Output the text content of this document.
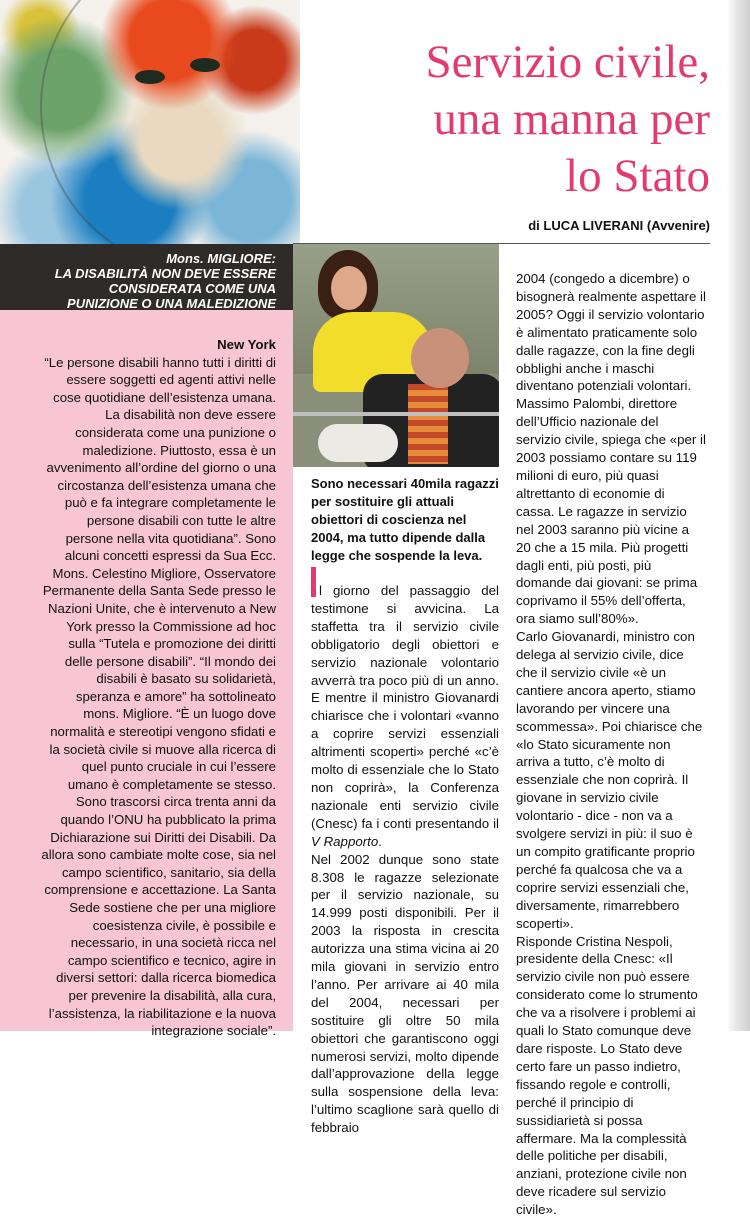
Servizio civile,
una manna per
lo Stato
di LUCA LIVERANI (Avvenire)
Mons. MIGLIORE:
LA DISABILITÀ NON DEVE ESSERE
CONSIDERATA COME UNA
PUNIZIONE O UNA MALEDIZIONE
New York
“Le persone disabili hanno tutti i diritti di essere soggetti ed agenti attivi nelle cose quotidiane dell’esistenza umana. La disabilità non deve essere considerata come una punizione o maledizione. Piuttosto, essa è un avvenimento all’ordine del giorno o una circostanza dell’esistenza umana che può e fa integrare completamente le persone disabili con tutte le altre persone nella vita quotidiana”. Sono alcuni concetti espressi da Sua Ecc. Mons. Celestino Migliore, Osservatore Permanente della Santa Sede presso le Nazioni Unite, che è intervenuto a New York presso la Commissione ad hoc sulla “Tutela e promozione dei diritti delle persone disabili”. “Il mondo dei disabili è basato su solidarietà, speranza e amore” ha sottolineato mons. Migliore. “È un luogo dove normalità e stereotipi vengono sfidati e la società civile si muove alla ricerca di quel punto cruciale in cui l’essere umano è completamente se stesso. Sono trascorsi circa trenta anni da quando l’ONU ha pubblicato la prima Dichiarazione sui Diritti dei Disabili. Da allora sono cambiate molte cose, sia nel campo scientifico, sanitario, sia della comprensione e accettazione. La Santa Sede sostiene che per una migliore coesistenza civile, è possibile e necessario, in una società ricca nel campo scientifico e tecnico, agire in diversi settori: dalla ricerca biomedica per prevenire la disabilità, alla cura, l’assistenza, la riabilitazione e la nuova integrazione sociale”.
Sono necessari 40mila ragazzi per sostituire gli attuali obiettori di coscienza nel 2004, ma tutto dipende dalla legge che sospende la leva.

l giorno del passaggio del testimone si avvicina. La staffetta tra il servizio civile obbligatorio degli obiettori e servizio nazionale volontario avverrà tra poco più di un anno. E mentre il ministro Giovanardi chiarisce che i volontari «vanno a coprire servizi essenziali altrimenti scoperti» perché «c’è molto di essenziale che lo Stato non coprirà», la Conferenza nazionale enti servizio civile (Cnesc) fa i conti presentando il V Rapporto.

Nel 2002 dunque sono state 8.308 le ragazze selezionate per il servizio nazionale, su 14.999 posti disponibili. Per il 2003 la risposta in crescita autorizza una stima vicina ai 20 mila giovani in servizio entro l’anno. Per arrivare ai 40 mila del 2004, necessari per sostituire gli oltre 50 mila obiettori che garantiscono oggi numerosi servizi, molto dipende dall’approvazione della legge sulla sospensione della leva: l’ultimo scaglione sarà quello di febbraio

2004 (congedo a dicembre) o bisognerà realmente aspettare il 2005? Oggi il servizio volontario è alimentato praticamente solo dalle ragazze, con la fine degli obblighi anche i maschi diventano potenziali volontari.

Massimo Palombi, direttore dell’Ufficio nazionale del servizio civile, spiega che «per il 2003 possiamo contare su 119 milioni di euro, più quasi altrettanto di economie di cassa. Le ragazze in servizio nel 2003 saranno più vicine a 20 che a 15 mila. Più progetti dagli enti, più posti, più domande dai giovani: se prima coprivamo il 55% dell’offerta, ora siamo sull’80%».

Carlo Giovanardi, ministro con delega al servizio civile, dice che il servizio civile «è un cantiere ancora aperto, stiamo lavorando per vincere una scommessa». Poi chiarisce che «lo Stato sicuramente non arriva a tutto, c’è molto di essenziale che non coprirà. Il giovane in servizio civile volontario - dice - non va a svolgere servizi in più: il suo è un compito gratificante proprio perché fa qualcosa che va a coprire servizi essenziali che, diversamente, rimarrebbero scoperti».

Risponde Cristina Nespoli, presidente della Cnesc: «Il servizio civile non può essere considerato come lo strumento che va a risolvere i problemi ai quali lo Stato comunque deve dare risposte. Lo Stato deve certo fare un passo indietro, fissando regole e controlli, perché il principio di sussidiarietà si possa affermare. Ma la complessità delle politiche per disabili, anziani, protezione civile non deve ricadere sul servizio civile».
